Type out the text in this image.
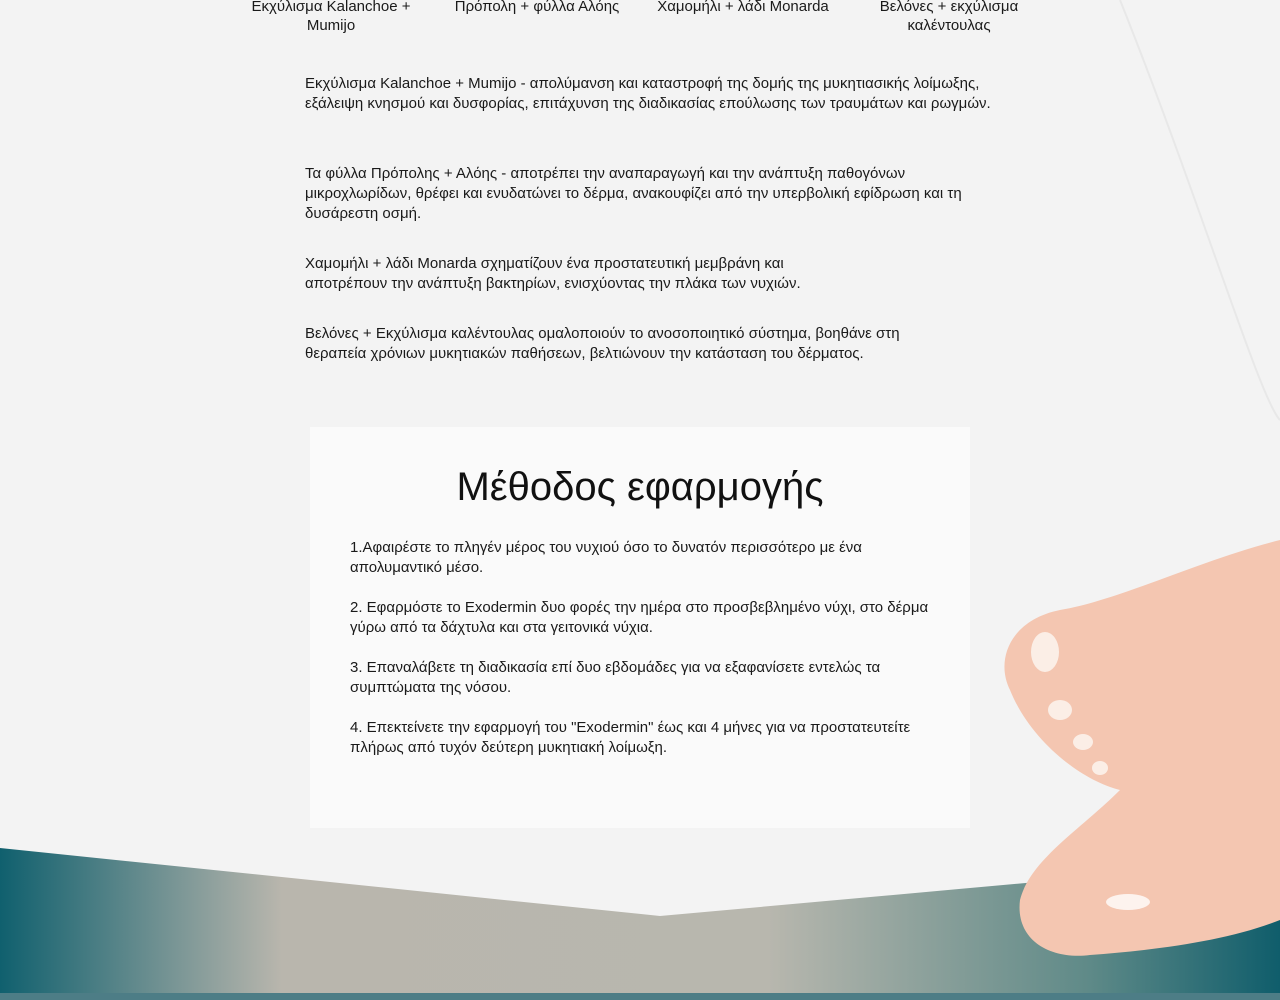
Εκχύλισμα Kalanchoe + Mumijo
Πρόπολη + φύλλα Αλόης	Χαμομήλι + λάδι Monarda	Βελόνες + εκχύλισμα καλέντουλας

Εκχύλισμα Kalanchoe + Mumijo - απολύμανση και καταστροφή της δομής της μυκητιασικής λοίμωξης, εξάλειψη κνησμού και δυσφορίας, επιτάχυνση της διαδικασίας επούλωσης των τραυμάτων και ρωγμών.

Τα φύλλα Πρόπολης + Αλόης - αποτρέπει την αναπαραγωγή και την ανάπτυξη παθογόνων μικροχλωρίδων, θρέφει και ενυδατώνει το δέρμα, ανακουφίζει από την υπερβολική εφίδρωση και τη δυσάρεστη οσμή.

Χαμομήλι + λάδι Monarda σχηματίζουν ένα προστατευτική μεμβράνη και αποτρέπουν την ανάπτυξη βακτηρίων, ενισχύοντας την πλάκα των νυχιών.

Βελόνες + Εκχύλισμα καλέντουλας ομαλοποιούν το ανοσοποιητικό σύστημα, βοηθάνε στη θεραπεία χρόνιων μυκητιακών παθήσεων, βελτιώνουν την κατάσταση του δέρματος.

Μέθοδος εφαρμογής

1.Αφαιρέστε το πληγέν μέρος του νυχιού όσο το δυνατόν περισσότερο με ένα απολυμαντικό μέσο.

2. Εφαρμόστε το Exodermin δυο φορές την ημέρα στο προσβεβλημένο νύχι, στο δέρμα γύρω από τα δάχτυλα και στα γειτονικά νύχια.

3. Επαναλάβετε τη διαδικασία επί δυο εβδομάδες για να εξαφανίσετε εντελώς τα συμπτώματα της νόσου.

4. Επεκτείνετε την εφαρμογή του "Exodermin" έως και 4 μήνες για να προστατευτείτε πλήρως από τυχόν δεύτερη μυκητιακή λοίμωξη.
